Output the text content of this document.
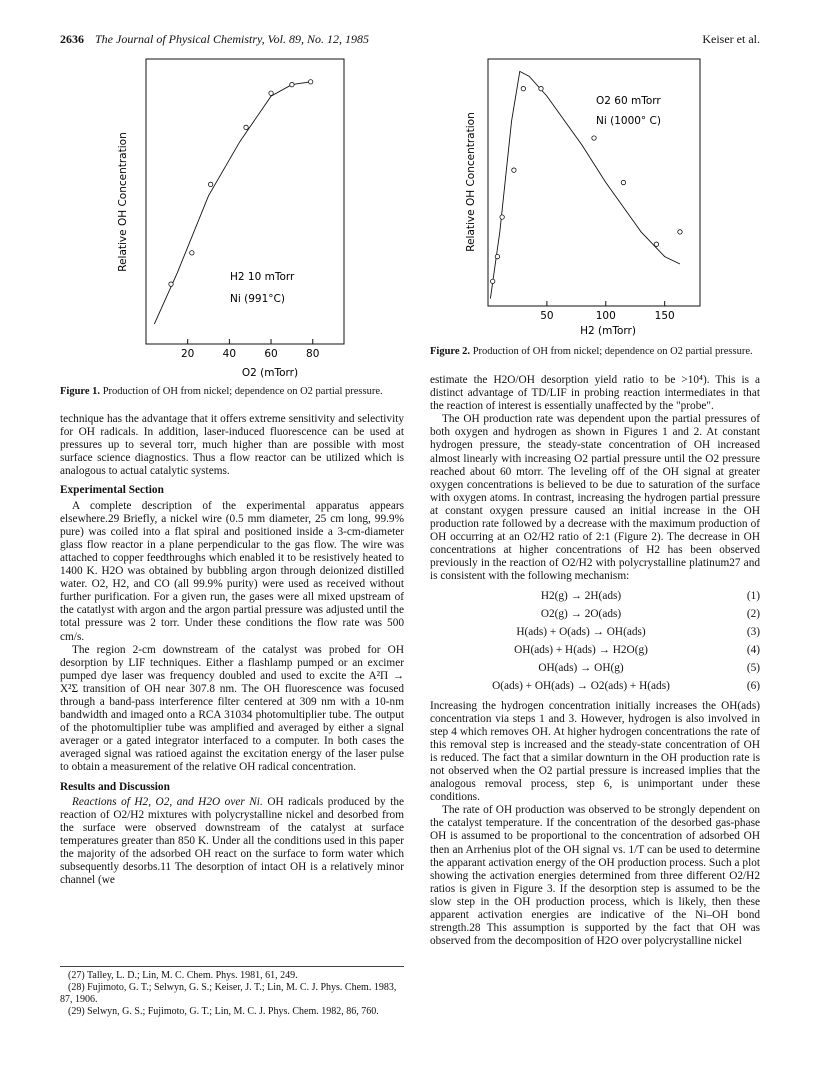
2636 The Journal of Physical Chemistry, Vol. 89, No. 12, 1985	Keiser et al.
20	40	60	80
Relative OH Concentration
H2 10 mTorr
Ni (991°C)
O2 (mTorr)

Figure 1. Production of OH from nickel; dependence on O2 partial pressure.

50	100	150
Relative OH Concentration
O2 60 mTorr
Ni (1000° C)
H2 (mTorr)

Figure 2. Production of OH from nickel; dependence on O2 partial pressure.

technique has the advantage that it offers extreme sensitivity and selectivity for OH radicals. In addition, laser-induced fluorescence can be used at pressures up to several torr, much higher than are possible with most surface science diagnostics. Thus a flow reactor can be utilized which is analogous to actual catalytic systems.

Experimental Section

A complete description of the experimental apparatus appears elsewhere.29 Briefly, a nickel wire (0.5 mm diameter, 25 cm long, 99.9% pure) was coiled into a flat spiral and positioned inside a 3-cm-diameter glass flow reactor in a plane perpendicular to the gas flow. The wire was attached to copper feedthroughs which enabled it to be resistively heated to 1400 K. H2O was obtained by bubbling argon through deionized distilled water. O2, H2, and CO (all 99.9% purity) were used as received without further purification. For a given run, the gases were all mixed upstream of the catatlyst with argon and the argon partial pressure was adjusted until the total pressure was 2 torr. Under these conditions the flow rate was 500 cm/s.

The region 2-cm downstream of the catalyst was probed for OH desorption by LIF techniques. Either a flashlamp pumped or an excimer pumped dye laser was frequency doubled and used to excite the A²Π → X²Σ transition of OH near 307.8 nm. The OH fluorescence was focused through a band-pass interference filter centered at 309 nm with a 10-nm bandwidth and imaged onto a RCA 31034 photomultiplier tube. The output of the photomultiplier tube was amplified and averaged by either a signal averager or a gated integrator interfaced to a computer. In both cases the averaged signal was ratioed against the excitation energy of the laser pulse to obtain a measurement of the relative OH radical concentration.

Results and Discussion

Reactions of H2, O2, and H2O over Ni. OH radicals produced by the reaction of O2/H2 mixtures with polycrystalline nickel and desorbed from the surface were observed downstream of the catalyst at surface temperatures greater than 850 K. Under all the conditions used in this paper the majority of the adsorbed OH react on the surface to form water which subsequently desorbs.11 The desorption of intact OH is a relatively minor channel (we

(27) Talley, L. D.; Lin, M. C. Chem. Phys. 1981, 61, 249.
(28) Fujimoto, G. T.; Selwyn, G. S.; Keiser, J. T.; Lin, M. C. J. Phys. Chem. 1983, 87, 1906.
(29) Selwyn, G. S.; Fujimoto, G. T.; Lin, M. C. J. Phys. Chem. 1982, 86, 760.

estimate the H2O/OH desorption yield ratio to be >10⁴). This is a distinct advantage of TD/LIF in probing reaction intermediates in that the reaction of interest is essentially unaffected by the "probe".

The OH production rate was dependent upon the partial pressures of both oxygen and hydrogen as shown in Figures 1 and 2. At constant hydrogen pressure, the steady-state concentration of OH increased almost linearly with increasing O2 partial pressure until the O2 pressure reached about 60 mtorr. The leveling off of the OH signal at greater oxygen concentrations is believed to be due to saturation of the surface with oxygen atoms. In contrast, increasing the hydrogen partial pressure at constant oxygen pressure caused an initial increase in the OH production rate followed by a decrease with the maximum production of OH occurring at an O2/H2 ratio of 2:1 (Figure 2). The decrease in OH concentrations at higher concentrations of H2 has been observed previously in the reaction of O2/H2 with polycrystalline platinum27 and is consistent with the following mechanism:

H2(g) → 2H(ads)	(1)
O2(g) → 2O(ads)	(2)
H(ads) + O(ads) → OH(ads)	(3)
OH(ads) + H(ads) → H2O(g)	(4)
OH(ads) → OH(g)	(5)
O(ads) + OH(ads) → O2(ads) + H(ads)	(6)

Increasing the hydrogen concentration initially increases the OH(ads) concentration via steps 1 and 3. However, hydrogen is also involved in step 4 which removes OH. At higher hydrogen concentrations the rate of this removal step is increased and the steady-state concentration of OH is reduced. The fact that a similar downturn in the OH production rate is not observed when the O2 partial pressure is increased implies that the analogous removal process, step 6, is unimportant under these conditions.

The rate of OH production was observed to be strongly dependent on the catalyst temperature. If the concentration of the desorbed gas-phase OH is assumed to be proportional to the concentration of adsorbed OH then an Arrhenius plot of the OH signal vs. 1/T can be used to determine the apparant activation energy of the OH production process. Such a plot showing the activation energies determined from three different O2/H2 ratios is given in Figure 3. If the desorption step is assumed to be the slow step in the OH production process, which is likely, then these apparent activation energies are indicative of the Ni–OH bond strength.28 This assumption is supported by the fact that OH was observed from the decomposition of H2O over polycrystalline nickel
